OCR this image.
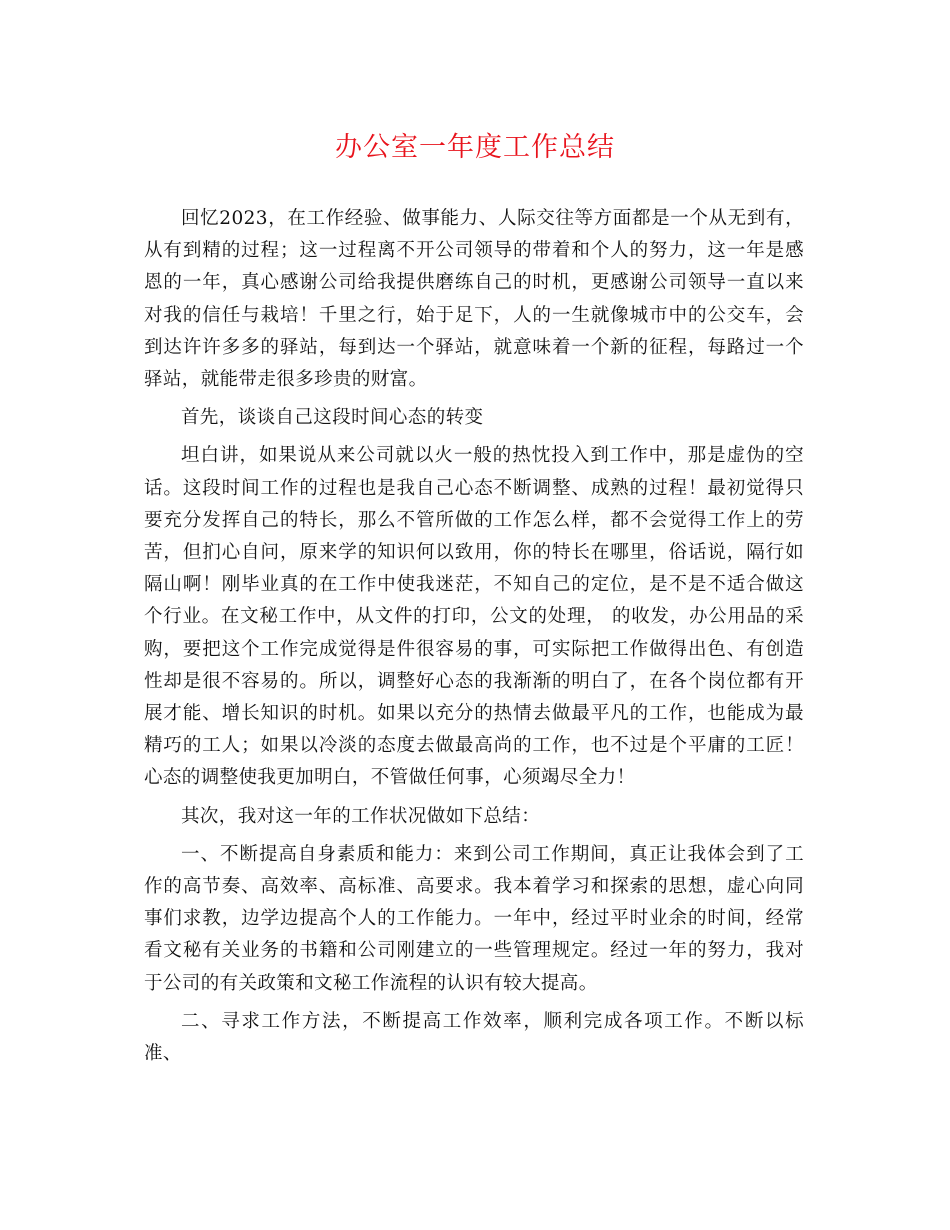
办公室一年度工作总结

回忆2023，在工作经验、做事能力、人际交往等方面都是一个从无到有，从有到精的过程；这一过程离不开公司领导的带着和个人的努力，这一年是感恩的一年，真心感谢公司给我提供磨练自己的时机，更感谢公司领导一直以来对我的信任与栽培！千里之行，始于足下，人的一生就像城市中的公交车，会到达许许多多的驿站，每到达一个驿站，就意味着一个新的征程，每路过一个驿站，就能带走很多珍贵的财富。

首先，谈谈自己这段时间心态的转变

坦白讲，如果说从来公司就以火一般的热忱投入到工作中，那是虚伪的空话。这段时间工作的过程也是我自己心态不断调整、成熟的过程！最初觉得只要充分发挥自己的特长，那么不管所做的工作怎么样，都不会觉得工作上的劳苦，但扪心自问，原来学的知识何以致用，你的特长在哪里，俗话说，隔行如隔山啊！刚毕业真的在工作中使我迷茫，不知自己的定位，是不是不适合做这个行业。在文秘工作中，从文件的打印，公文的处理， 的收发，办公用品的采购，要把这个工作完成觉得是件很容易的事，可实际把工作做得出色、有创造性却是很不容易的。所以，调整好心态的我渐渐的明白了，在各个岗位都有开展才能、增长知识的时机。如果以充分的热情去做最平凡的工作，也能成为最精巧的工人；如果以冷淡的态度去做最高尚的工作，也不过是个平庸的工匠！心态的调整使我更加明白，不管做任何事，心须竭尽全力！

其次，我对这一年的工作状况做如下总结：

一、不断提高自身素质和能力：来到公司工作期间，真正让我体会到了工作的高节奏、高效率、高标准、高要求。我本着学习和探索的思想，虚心向同事们求教，边学边提高个人的工作能力。一年中，经过平时业余的时间，经常看文秘有关业务的书籍和公司刚建立的一些管理规定。经过一年的努力，我对于公司的有关政策和文秘工作流程的认识有较大提高。

二、寻求工作方法，不断提高工作效率，顺利完成各项工作。不断以标准、
